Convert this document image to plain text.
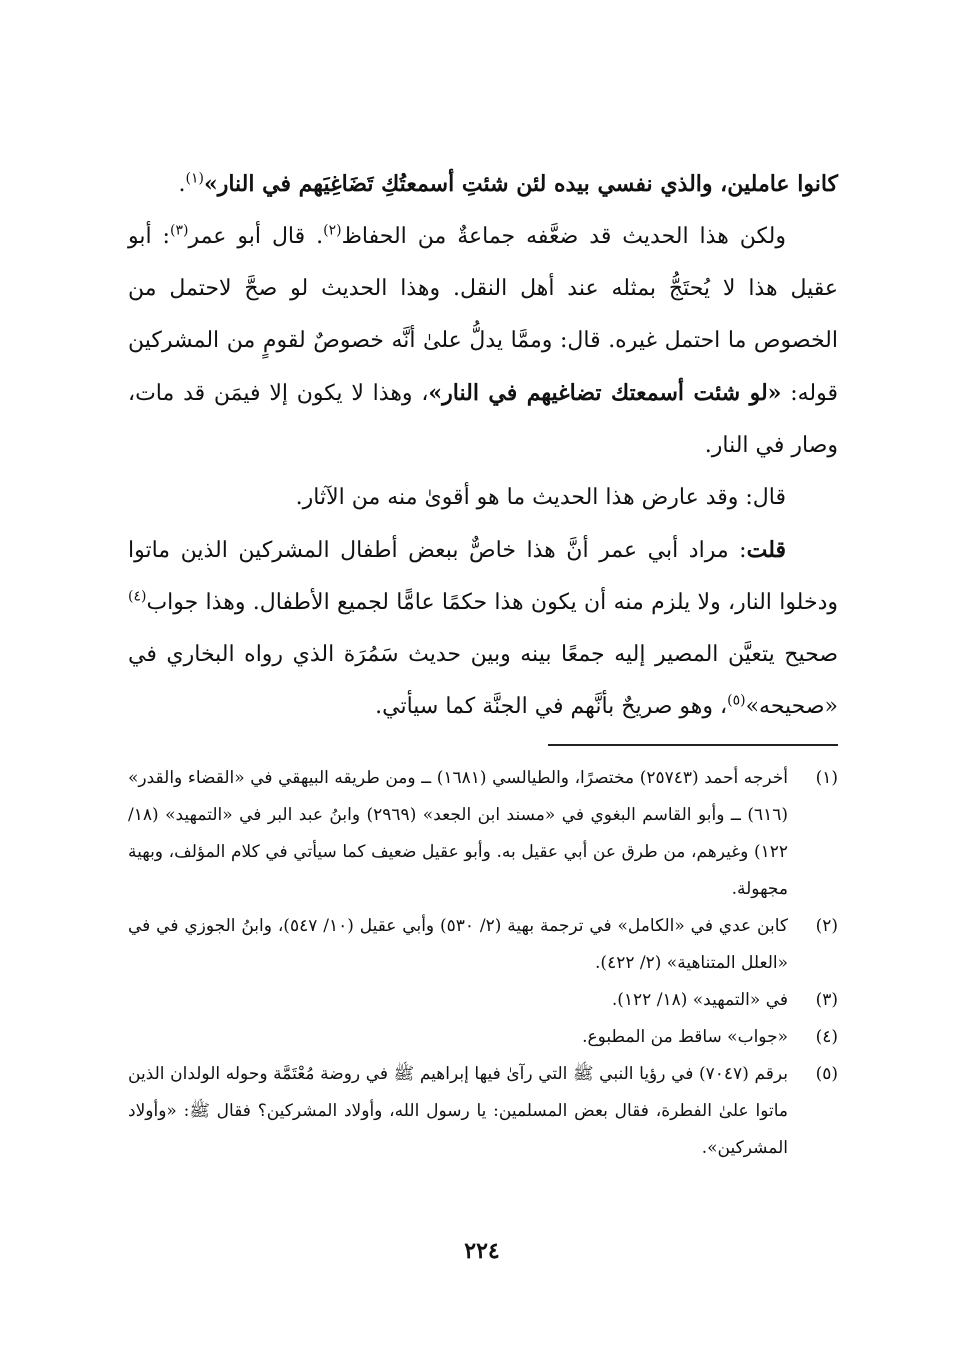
كانوا عاملين، والذي نفسي بيده لئن شئتِ أسمعتُكِ تَضَاغِيَهم في النار»$^{(١)}$.

ولكن هذا الحديث قد ضعَّفه جماعةٌ من الحفاظ$^{(٢)}$. قال أبو عمر$^{(٣)}$: أبو عقيل هذا لا يُحتَجُّ بمثله عند أهل النقل. وهذا الحديث لو صحَّ لاحتمل من الخصوص ما احتمل غيره. قال: وممَّا يدلُّ علىٰ أنَّه خصوصٌ لقومٍ من المشركين قوله: «لو شئت أسمعتك تضاغيهم في النار»، وهذا لا يكون إلا فيمَن قد مات، وصار في النار.

قال: وقد عارض هذا الحديث ما هو أقوىٰ منه من الآثار.

قلت: مراد أبي عمر أنَّ هذا خاصٌّ ببعض أطفال المشركين الذين ماتوا ودخلوا النار، ولا يلزم منه أن يكون هذا حكمًا عامًّا لجميع الأطفال. وهذا جواب$^{(٤)}$ صحيح يتعيَّن المصير إليه جمعًا بينه وبين حديث سَمُرَة الذي رواه البخاري في «صحيحه»$^{(٥)}$، وهو صريحٌ بأنَّهم في الجنَّة كما سيأتي.

(١)
أخرجه أحمد (٢٥٧٤٣) مختصرًا، والطيالسي (١٦٨١) ــ ومن طريقه البيهقي في «القضاء والقدر» (٦١٦) ــ وأبو القاسم البغوي في «مسند ابن الجعد» (٢٩٦٩) وابنُ عبد البر في «التمهيد» (١٨/ ١٢٢) وغيرهم، من طرق عن أبي عقيل به. وأبو عقيل ضعيف كما سيأتي في كلام المؤلف، وبهية مجهولة.
(٢)
كابن عدي في «الكامل» في ترجمة بهية (٢/ ٥٣٠) وأبي عقيل (١٠/ ٥٤٧)، وابنُ الجوزي في في «العلل المتناهية» (٢/ ٤٢٢).
(٣)
في «التمهيد» (١٨/ ١٢٢).
(٤)
«جواب» ساقط من المطبوع.
(٥)
برقم (٧٠٤٧) في رؤيا النبي ﷺ التي رآىٰ فيها إبراهيم ﷺ في روضة مُعْتَمَّة وحوله الولدان الذين ماتوا علىٰ الفطرة، فقال بعض المسلمين: يا رسول الله، وأولاد المشركين؟ فقال ﷺ: «وأولاد المشركين».
٢٢٤
